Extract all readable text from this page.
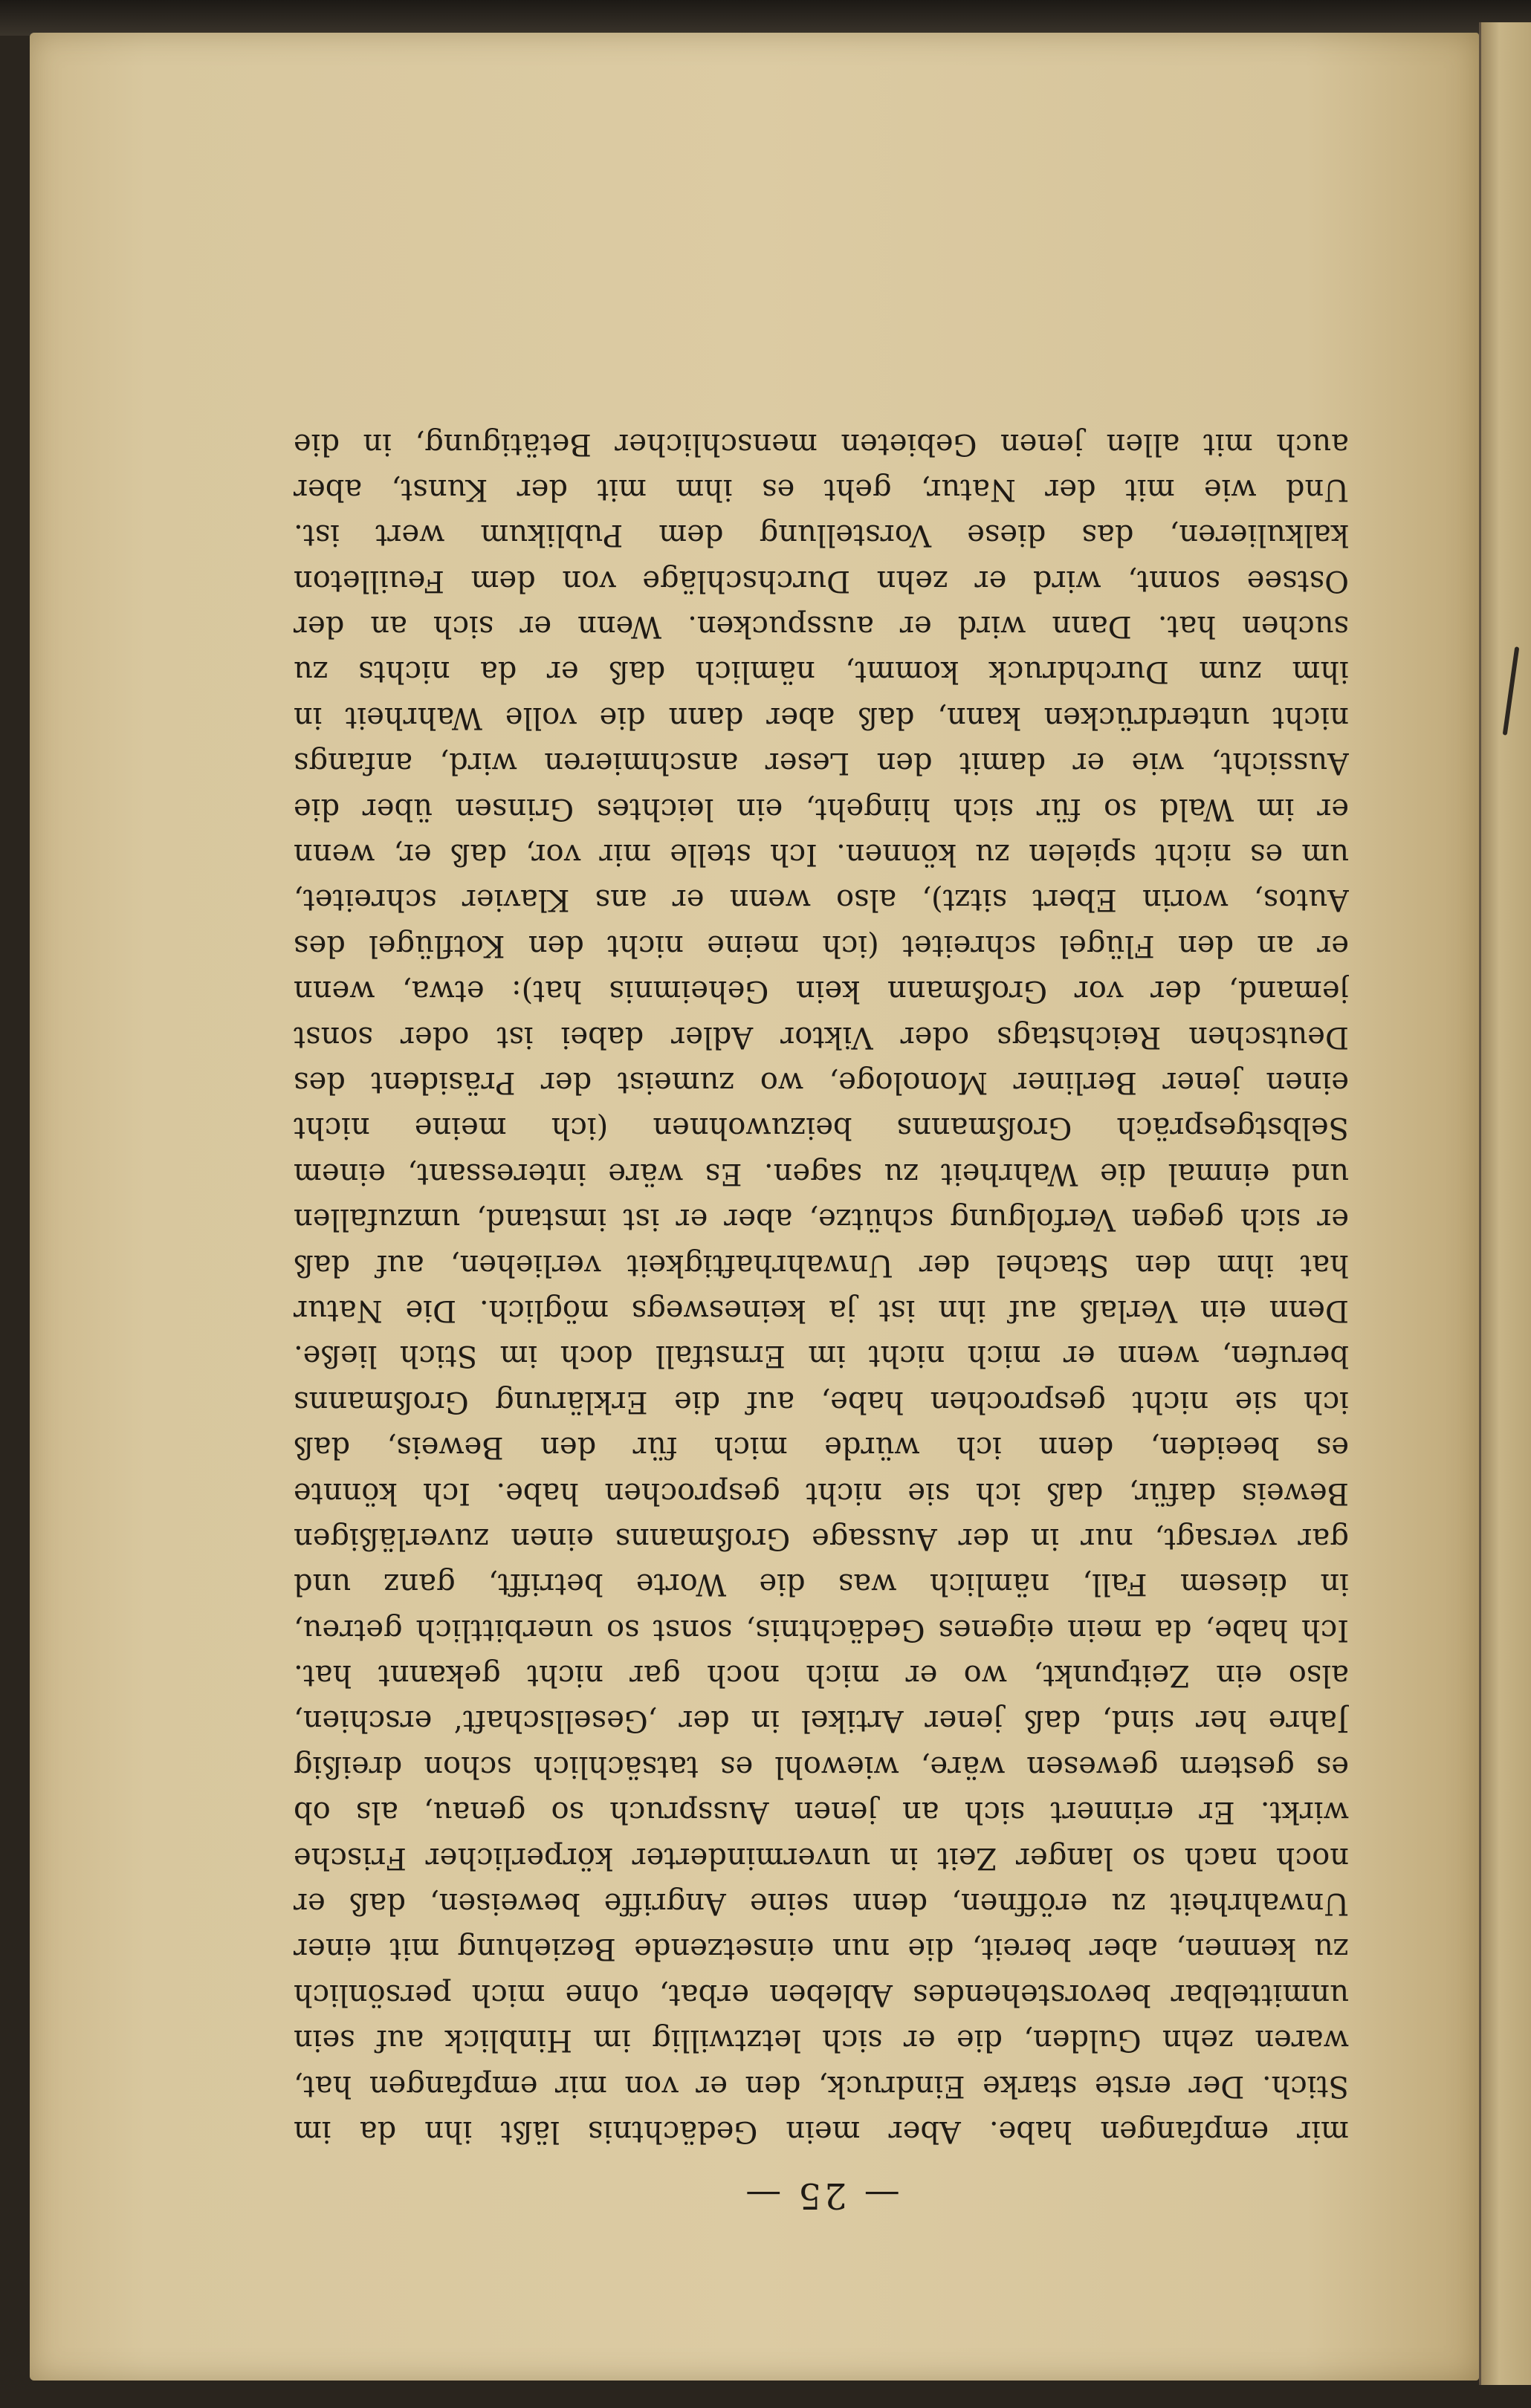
— 25 —
mir empfangen habe. Aber mein Gedächtnis läßt ihn da im
Stich. Der erste starke Eindruck, den er von mir empfangen hat,
waren zehn Gulden, die er sich letztwillig im Hinblick auf sein
unmittelbar bevorstehendes Ableben erbat, ohne mich persönlich
zu kennen, aber bereit, die nun einsetzende Beziehung mit einer
Unwahrheit zu eröffnen, denn seine Angriffe beweisen, daß er
noch nach so langer Zeit in unverminderter körperlicher Frische
wirkt. Er erinnert sich an jenen Ausspruch so genau, als ob
es gestern gewesen wäre, wiewohl es tatsächlich schon dreißig
Jahre her sind, daß jener Artikel in der ‚Gesellschaft‘ erschien,
also ein Zeitpunkt, wo er mich noch gar nicht gekannt hat.
Ich habe, da mein eigenes Gedächtnis, sonst so unerbittlich getreu,
in diesem Fall, nämlich was die Worte betrifft, ganz und
gar versagt, nur in der Aussage Großmanns einen zuverläßigen
Beweis dafür, daß ich sie nicht gesprochen habe. Ich könnte
es beeiden, denn ich würde mich für den Beweis, daß
ich sie nicht gesprochen habe, auf die Erklärung Großmanns
berufen, wenn er mich nicht im Ernstfall doch im Stich ließe.
Denn ein Verlaß auf ihn ist ja keineswegs möglich. Die Natur
hat ihm den Stachel der Unwahrhaftigkeit verliehen, auf daß
er sich gegen Verfolgung schütze, aber er ist imstand, umzufallen
und einmal die Wahrheit zu sagen. Es wäre interessant, einem
Selbstgespräch Großmanns beizuwohnen (ich meine nicht
einen jener Berliner Monologe, wo zumeist der Präsident des
Deutschen Reichstags oder Viktor Adler dabei ist oder sonst
jemand, der vor Großmann kein Geheimnis hat): etwa, wenn
er an den Flügel schreitet (ich meine nicht den Kotflügel des
Autos, worin Ebert sitzt), also wenn er ans Klavier schreitet,
um es nicht spielen zu können. Ich stelle mir vor, daß er, wenn
er im Wald so für sich hingeht, ein leichtes Grinsen über die
Aussicht, wie er damit den Leser anschmieren wird, anfangs
nicht unterdrücken kann, daß aber dann die volle Wahrheit in
ihm zum Durchdruck kommt, nämlich daß er da nichts zu
suchen hat. Dann wird er ausspucken. Wenn er sich an der
Ostsee sonnt, wird er zehn Durchschläge von dem Feuilleton
kalkulieren, das diese Vorstellung dem Publikum wert ist.
Und wie mit der Natur, geht es ihm mit der Kunst, aber
auch mit allen jenen Gebieten menschlicher Betätigung, in die
